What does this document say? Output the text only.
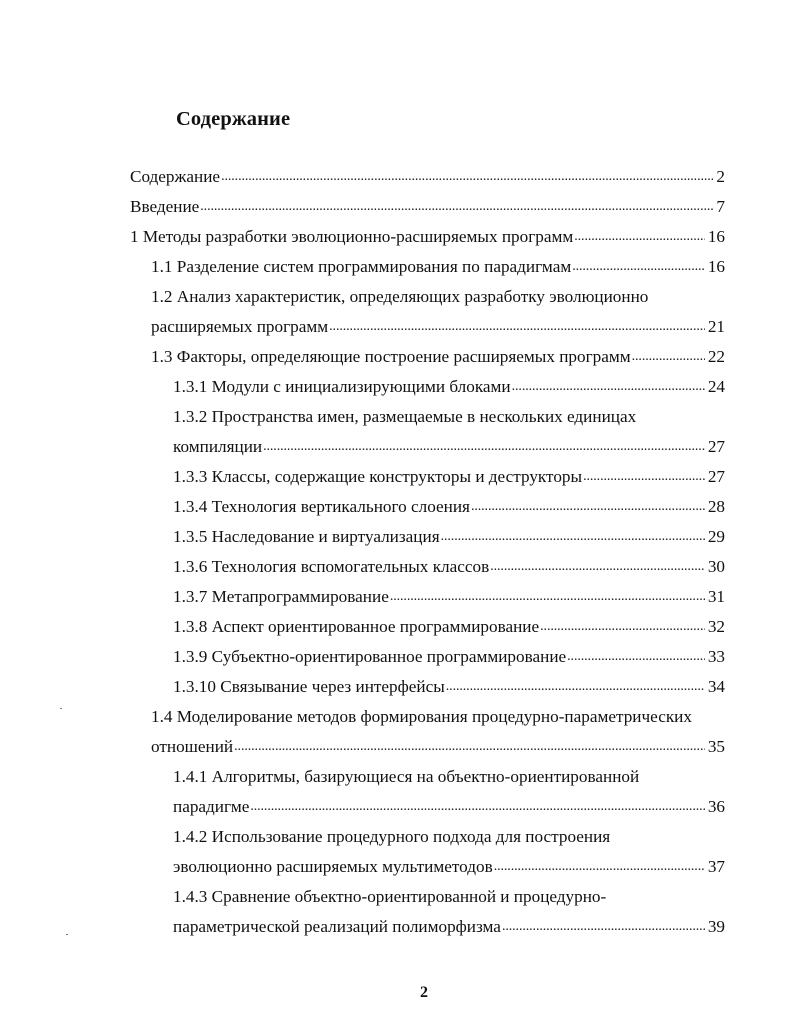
Содержание
Содержание . . .	2
Введение . . .	7
1 Методы разработки эволюционно-расширяемых программ . . .	16
1.1 Разделение систем программирования по парадигмам . . .	16
1.2 Анализ характеристик, определяющих разработку эволюционно
расширяемых программ . . .	21
1.3 Факторы, определяющие построение расширяемых программ . . .	22
1.3.1 Модули с инициализирующими блоками . . .	24
1.3.2 Пространства имен, размещаемые в нескольких единицах
компиляции . . .	27
1.3.3 Классы, содержащие конструкторы и деструкторы . . .	27
1.3.4 Технология вертикального слоения . . .	28
1.3.5 Наследование и виртуализация . . .	29
1.3.6 Технология вспомогательных классов . . .	30
1.3.7 Метапрограммирование . . .	31
1.3.8 Аспект ориентированное программирование . . .	32
1.3.9 Субъектно-ориентированное программирование . . .	33
1.3.10 Связывание через интерфейсы . . .	34
1.4 Моделирование методов формирования процедурно-параметрических
отношений . . .	35
1.4.1 Алгоритмы, базирующиеся на объектно-ориентированной
парадигме . . .	36
1.4.2 Использование процедурного подхода для построения
эволюционно расширяемых мультиметодов . . .	37
1.4.3 Сравнение объектно-ориентированной и процедурно-
параметрической реализаций полиморфизма . . .	39
2
